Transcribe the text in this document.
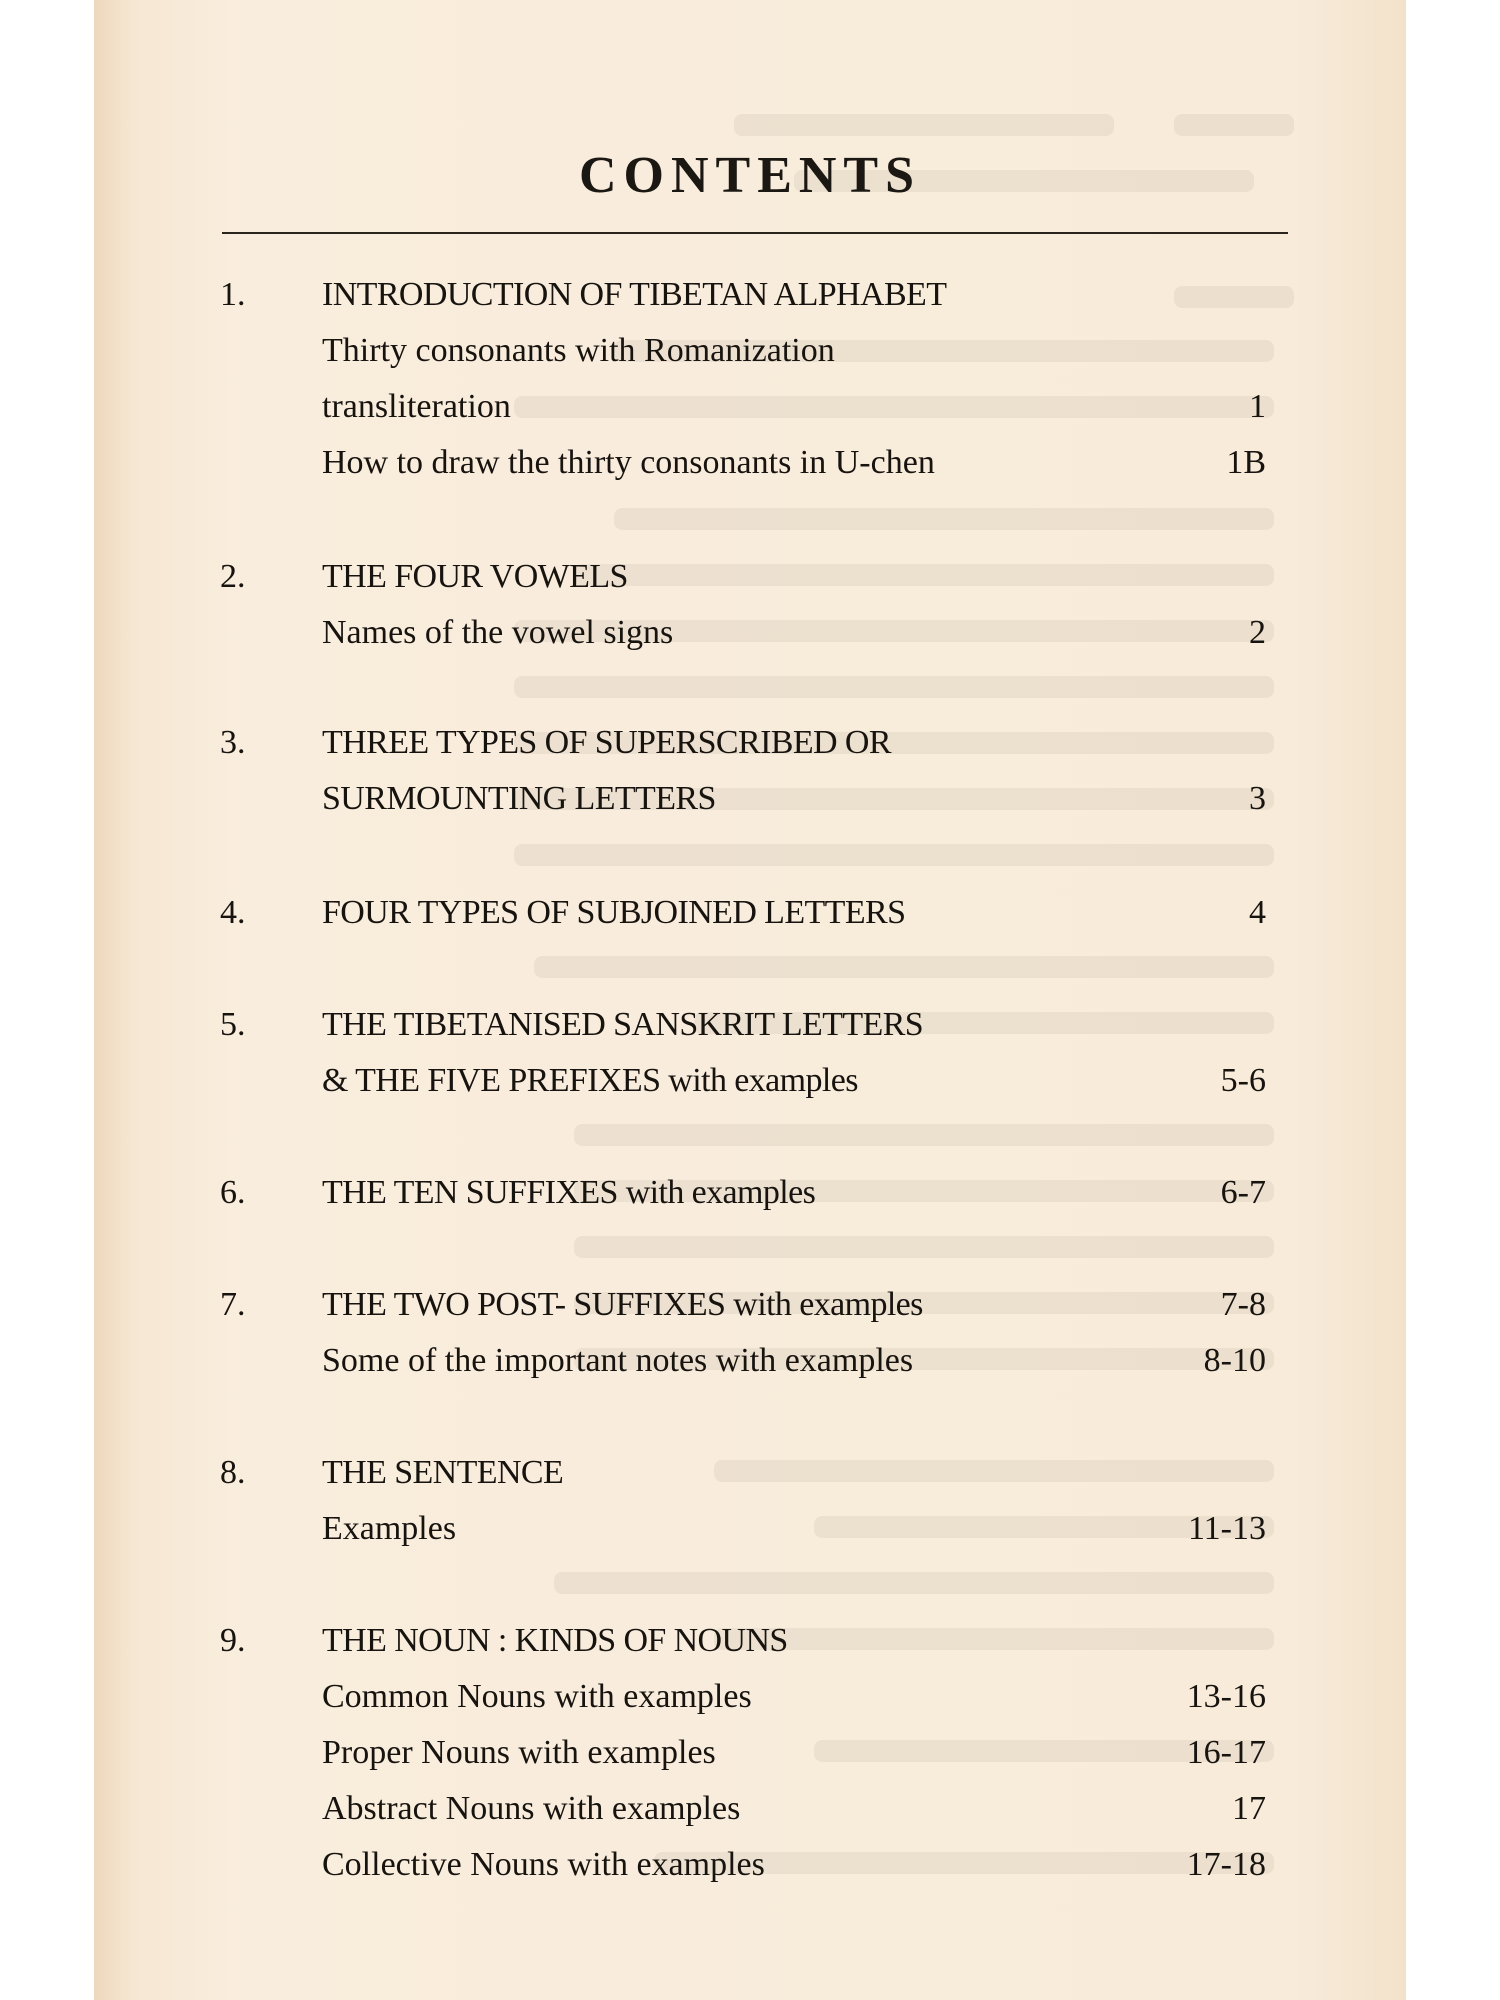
CONTENTS
1. INTRODUCTION OF TIBETAN ALPHABET
Thirty consonants with Romanization
transliteration	1
How to draw the thirty consonants in U-chen	1B
2. THE FOUR VOWELS
Names of the vowel signs	2
3. THREE TYPES OF SUPERSCRIBED OR
SURMOUNTING LETTERS	3
4. FOUR TYPES OF SUBJOINED LETTERS	4
5. THE TIBETANISED SANSKRIT LETTERS
& THE FIVE PREFIXES with examples	5-6
6. THE TEN SUFFIXES with examples	6-7
7. THE TWO POST- SUFFIXES with examples	7-8
Some of the important notes with examples	8-10
8. THE SENTENCE
Examples	11-13
9. THE NOUN : KINDS OF NOUNS
Common Nouns with examples	13-16
Proper Nouns with examples	16-17
Abstract Nouns with examples	17
Collective Nouns with examples	17-18
